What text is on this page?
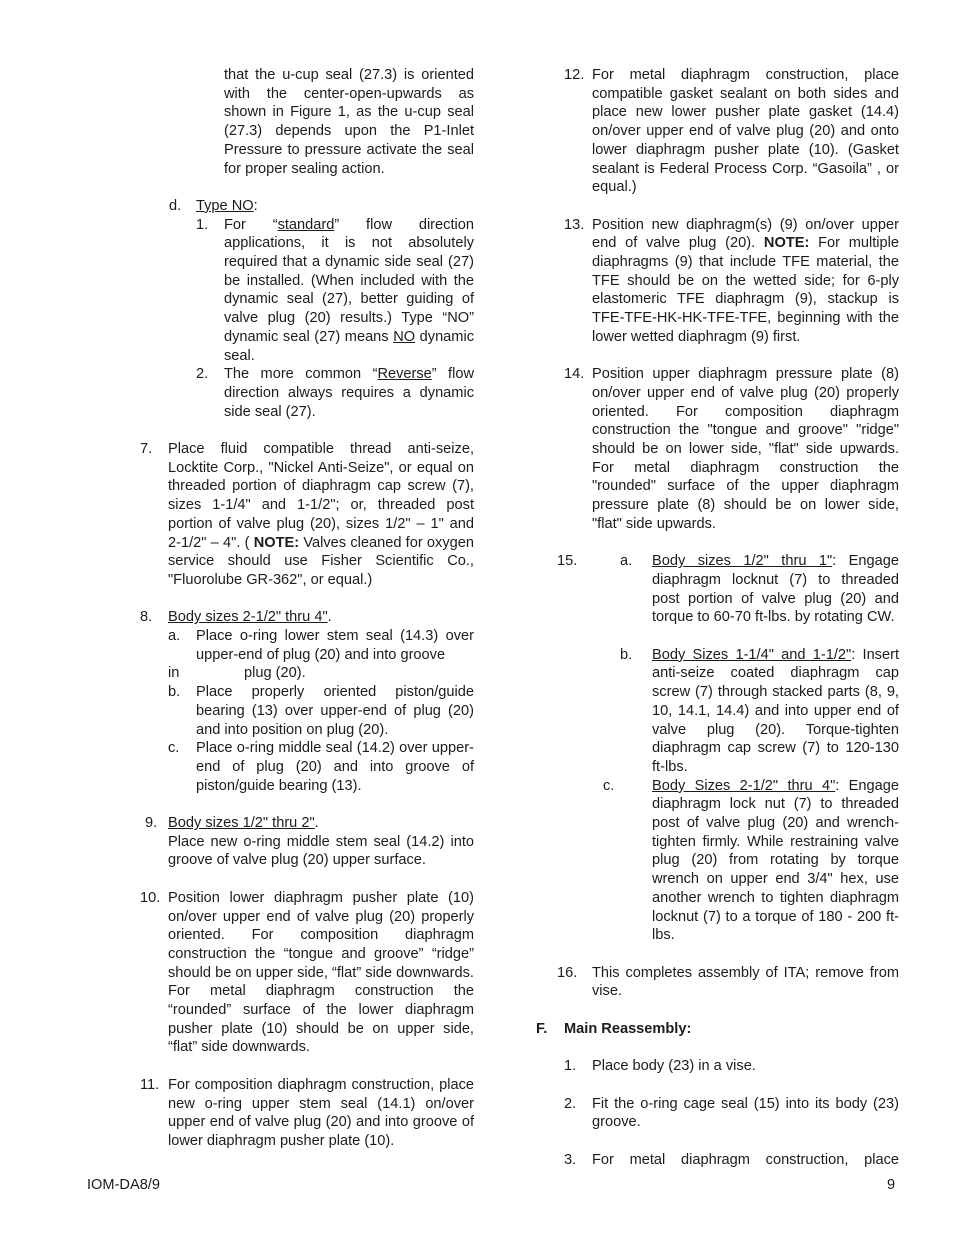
that the u-cup seal (27.3) is oriented with the center-open-upwards as shown in Figure 1, as the u-cup seal (27.3) depends upon the P1-Inlet Pressure to pressure activate the seal for proper sealing action.
d. Type NO:
1. For “standard” flow direction applications, it is not absolutely required that a dynamic side seal (27) be installed. (When included with the dynamic seal (27), better guiding of valve plug (20) results.) Type “NO” dynamic seal (27) means NO dynamic seal.
2. The more common “Reverse” flow direction always requires a dynamic side seal (27).
7. Place fluid compatible thread anti-seize, Locktite Corp., "Nickel Anti-Seize", or equal on threaded portion of diaphragm cap screw (7), sizes 1-1/4" and 1-1/2"; or, threaded post portion of valve plug (20), sizes 1/2" – 1" and 2-1/2" – 4". ( NOTE: Valves cleaned for oxygen service should use Fisher Scientific Co., "Fluorolube GR-362", or equal.)
8. Body sizes 2-1/2" thru 4".
a. Place o-ring lower stem seal (14.3) over upper-end of plug (20) and into groove
in	plug (20).
b. Place properly oriented piston/guide bearing (13) over upper-end of plug (20) and into position on plug (20).
c. Place o-ring middle seal (14.2) over upper-end of plug (20) and into groove of piston/guide bearing (13).
9. Body sizes 1/2" thru 2".
Place new o-ring middle stem seal (14.2) into groove of valve plug (20) upper surface.
10. Position lower diaphragm pusher plate (10) on/over upper end of valve plug (20) properly oriented. For composition diaphragm construction the “tongue and groove” “ridge” should be on upper side, “flat” side downwards. For metal diaphragm construction the “rounded” surface of the lower diaphragm pusher plate (10) should be on upper side, “flat” side downwards.
11. For composition diaphragm construction, place new o-ring upper stem seal (14.1) on/over upper end of valve plug (20) and into groove of lower diaphragm pusher plate (10).
12. For metal diaphragm construction, place compatible gasket sealant on both sides and place new lower pusher plate gasket (14.4) on/over upper end of valve plug (20) and onto lower diaphragm pusher plate (10). (Gasket sealant is Federal Process Corp. “Gasoila” , or equal.)
13. Position new diaphragm(s) (9) on/over upper end of valve plug (20). NOTE: For multiple diaphragms (9) that include TFE material, the TFE should be on the wetted side; for 6-ply elastomeric TFE diaphragm (9), stackup is TFE-TFE-HK-HK-TFE-TFE, beginning with the lower wetted diaphragm (9) first.
14. Position upper diaphragm pressure plate (8) on/over upper end of valve plug (20) properly oriented. For composition diaphragm construction the "tongue and groove" "ridge" should be on lower side, "flat" side upwards. For metal diaphragm construction the "rounded" surface of the upper diaphragm pressure plate (8) should be on lower side, "flat" side upwards.
15.	a. Body sizes 1/2" thru 1": Engage diaphragm locknut (7) to threaded post portion of valve plug (20) and torque to 60-70 ft-lbs. by rotating CW.
b. Body Sizes 1-1/4" and 1-1/2": Insert anti-seize coated diaphragm cap screw (7) through stacked parts (8, 9, 10, 14.1, 14.4) and into upper end of valve plug (20). Torque-tighten diaphragm cap screw (7) to 120-130 ft-lbs.
c.	Body Sizes 2-1/2" thru 4": Engage diaphragm lock nut (7) to threaded post of valve plug (20) and wrench-tighten firmly. While restraining valve plug (20) from rotating by torque wrench on upper end 3/4" hex, use another wrench to tighten diaphragm locknut (7) to a torque of 180 - 200 ft-lbs.
16. This completes assembly of ITA; remove from vise.
F. Main Reassembly:
1. Place body (23) in a vise.
2. Fit the o-ring cage seal (15) into its body (23) groove.
3. For metal diaphragm construction, place
IOM-DA8/9	9
